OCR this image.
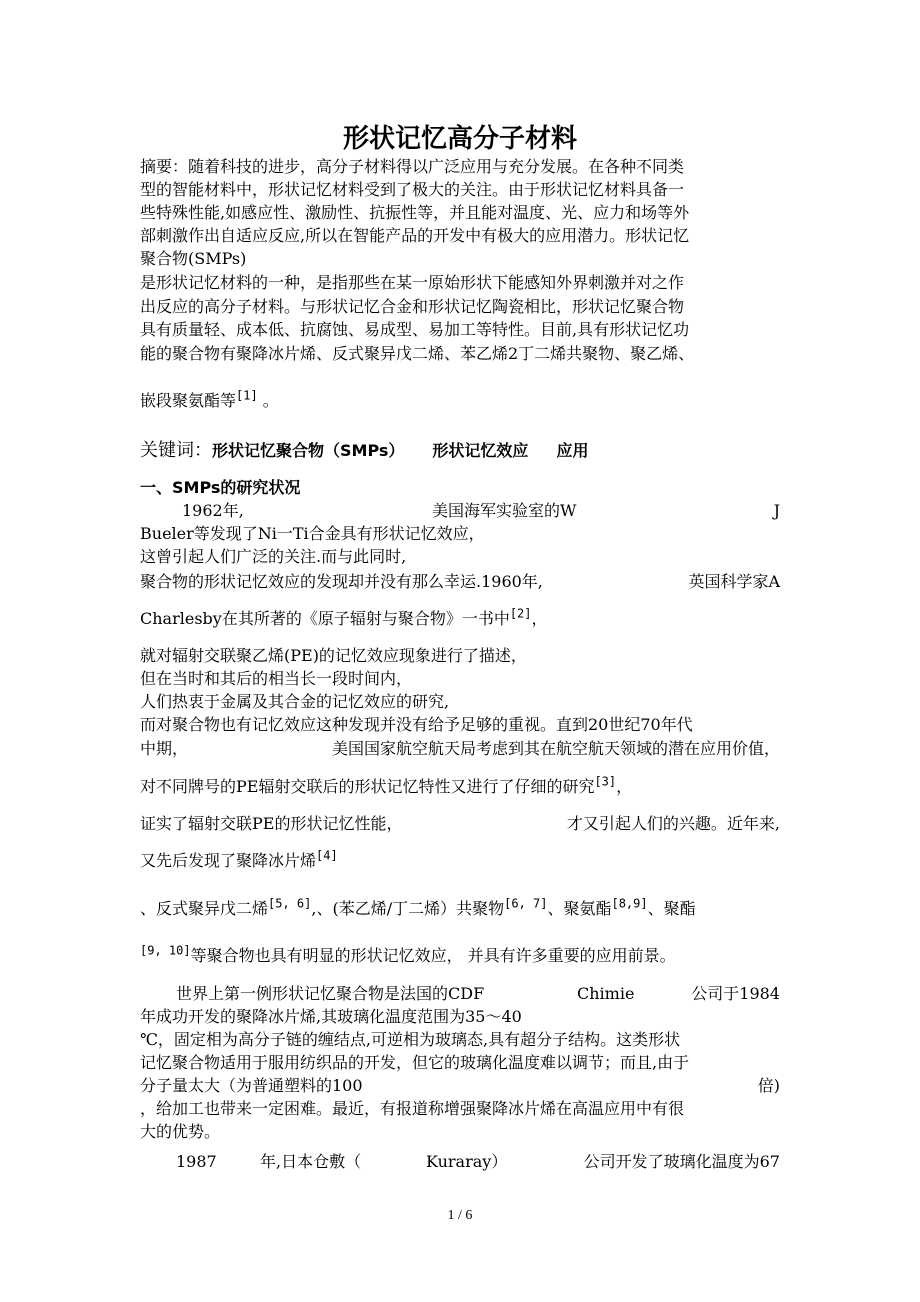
形状记忆高分子材料
摘要：随着科技的进步，高分子材料得以广泛应用与充分发展。在各种不同类
型的智能材料中，形状记忆材料受到了极大的关注。由于形状记忆材料具备一
些特殊性能,如感应性、激励性、抗振性等，并且能对温度、光、应力和场等外
部刺激作出自适应反应,所以在智能产品的开发中有极大的应用潜力。形状记忆
聚合物(SMPs)
是形状记忆材料的一种，是指那些在某一原始形状下能感知外界刺激并对之作
出反应的高分子材料。与形状记忆合金和形状记忆陶瓷相比，形状记忆聚合物
具有质量轻、成本低、抗腐蚀、易成型、易加工等特性。目前,具有形状记忆功
能的聚合物有聚降冰片烯、反式聚异戊二烯、苯乙烯2丁二烯共聚物、聚乙烯、
嵌段聚氨酯等[1] 。
关键词：形状记忆聚合物（SMPs） 形状记忆效应 应用
一、SMPs的研究状况
1962年,	美国海军实验室的W	J
Bueler等发现了Ni一Ti合金具有形状记忆效应，
这曾引起人们广泛的关注.而与此同时,
聚合物的形状记忆效应的发现却并没有那么幸运.1960年,	英国科学家A
Charlesby在其所著的《原子辐射与聚合物》一书中[2]，
就对辐射交联聚乙烯(PE)的记忆效应现象进行了描述，
但在当时和其后的相当长一段时间内，
人们热衷于金属及其合金的记忆效应的研究,
而对聚合物也有记忆效应这种发现并没有给予足够的重视。直到20世纪70年代
中期，	美国国家航空航天局考虑到其在航空航天领域的潜在应用价值，
对不同牌号的PE辐射交联后的形状记忆特性又进行了仔细的研究[3]，
证实了辐射交联PE的形状记忆性能，	才又引起人们的兴趣。近年来,
又先后发现了聚降冰片烯[4]
、反式聚异戊二烯[5, 6],、(苯乙烯/丁二烯）共聚物[6, 7]、聚氨酯[8,9]、聚酯
[9, 10]等聚合物也具有明显的形状记忆效应， 并具有许多重要的应用前景。
世界上第一例形状记忆聚合物是法国的CDF	Chimie	公司于1984
年成功开发的聚降冰片烯,其玻璃化温度范围为35～40
℃，固定相为高分子链的缠结点,可逆相为玻璃态,具有超分子结构。这类形状
记忆聚合物适用于服用纺织品的开发，但它的玻璃化温度难以调节；而且,由于
分子量太大（为普通塑料的100	倍)
，给加工也带来一定困难。最近，有报道称增强聚降冰片烯在高温应用中有很
大的优势。
1987	年,日本仓敷（	Kuraray）	公司开发了玻璃化温度为67
1 / 6
